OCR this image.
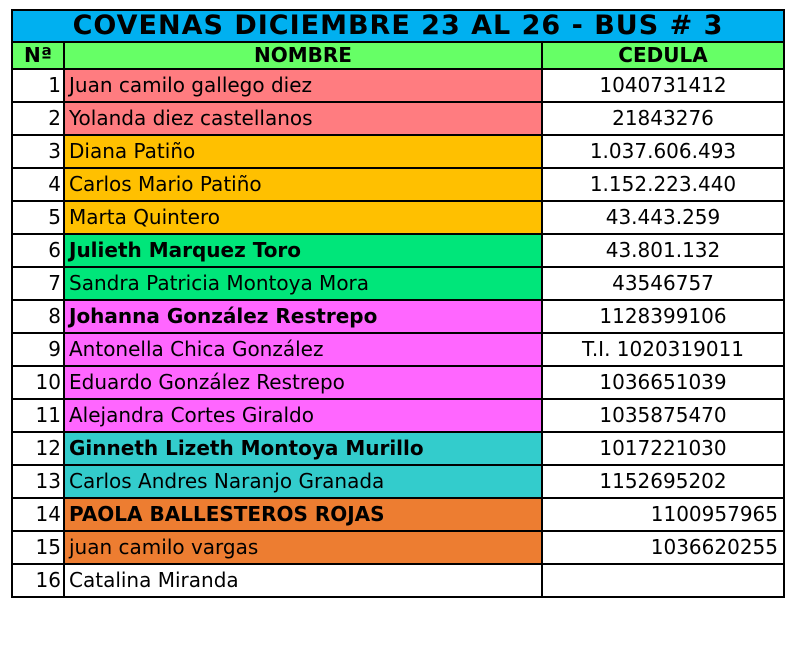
COVENAS DICIEMBRE 23 AL 26 - BUS # 3		
Nª	NOMBRE	CEDULA
1	Juan camilo gallego diez	1040731412
2	Yolanda diez castellanos	21843276
3	Diana Patiño	1.037.606.493
4	Carlos Mario Patiño	1.152.223.440
5	Marta Quintero	43.443.259
6	Julieth Marquez Toro	43.801.132
7	Sandra Patricia Montoya Mora	43546757
8	Johanna González Restrepo	1128399106
9	Antonella Chica González	T.I. 1020319011
10	Eduardo González Restrepo	1036651039
11	Alejandra Cortes Giraldo	1035875470
12	Ginneth Lizeth Montoya Murillo	1017221030
13	Carlos Andres Naranjo Granada	1152695202
14	PAOLA BALLESTEROS ROJAS	1100957965
15	juan camilo vargas	1036620255
16	Catalina Miranda	
